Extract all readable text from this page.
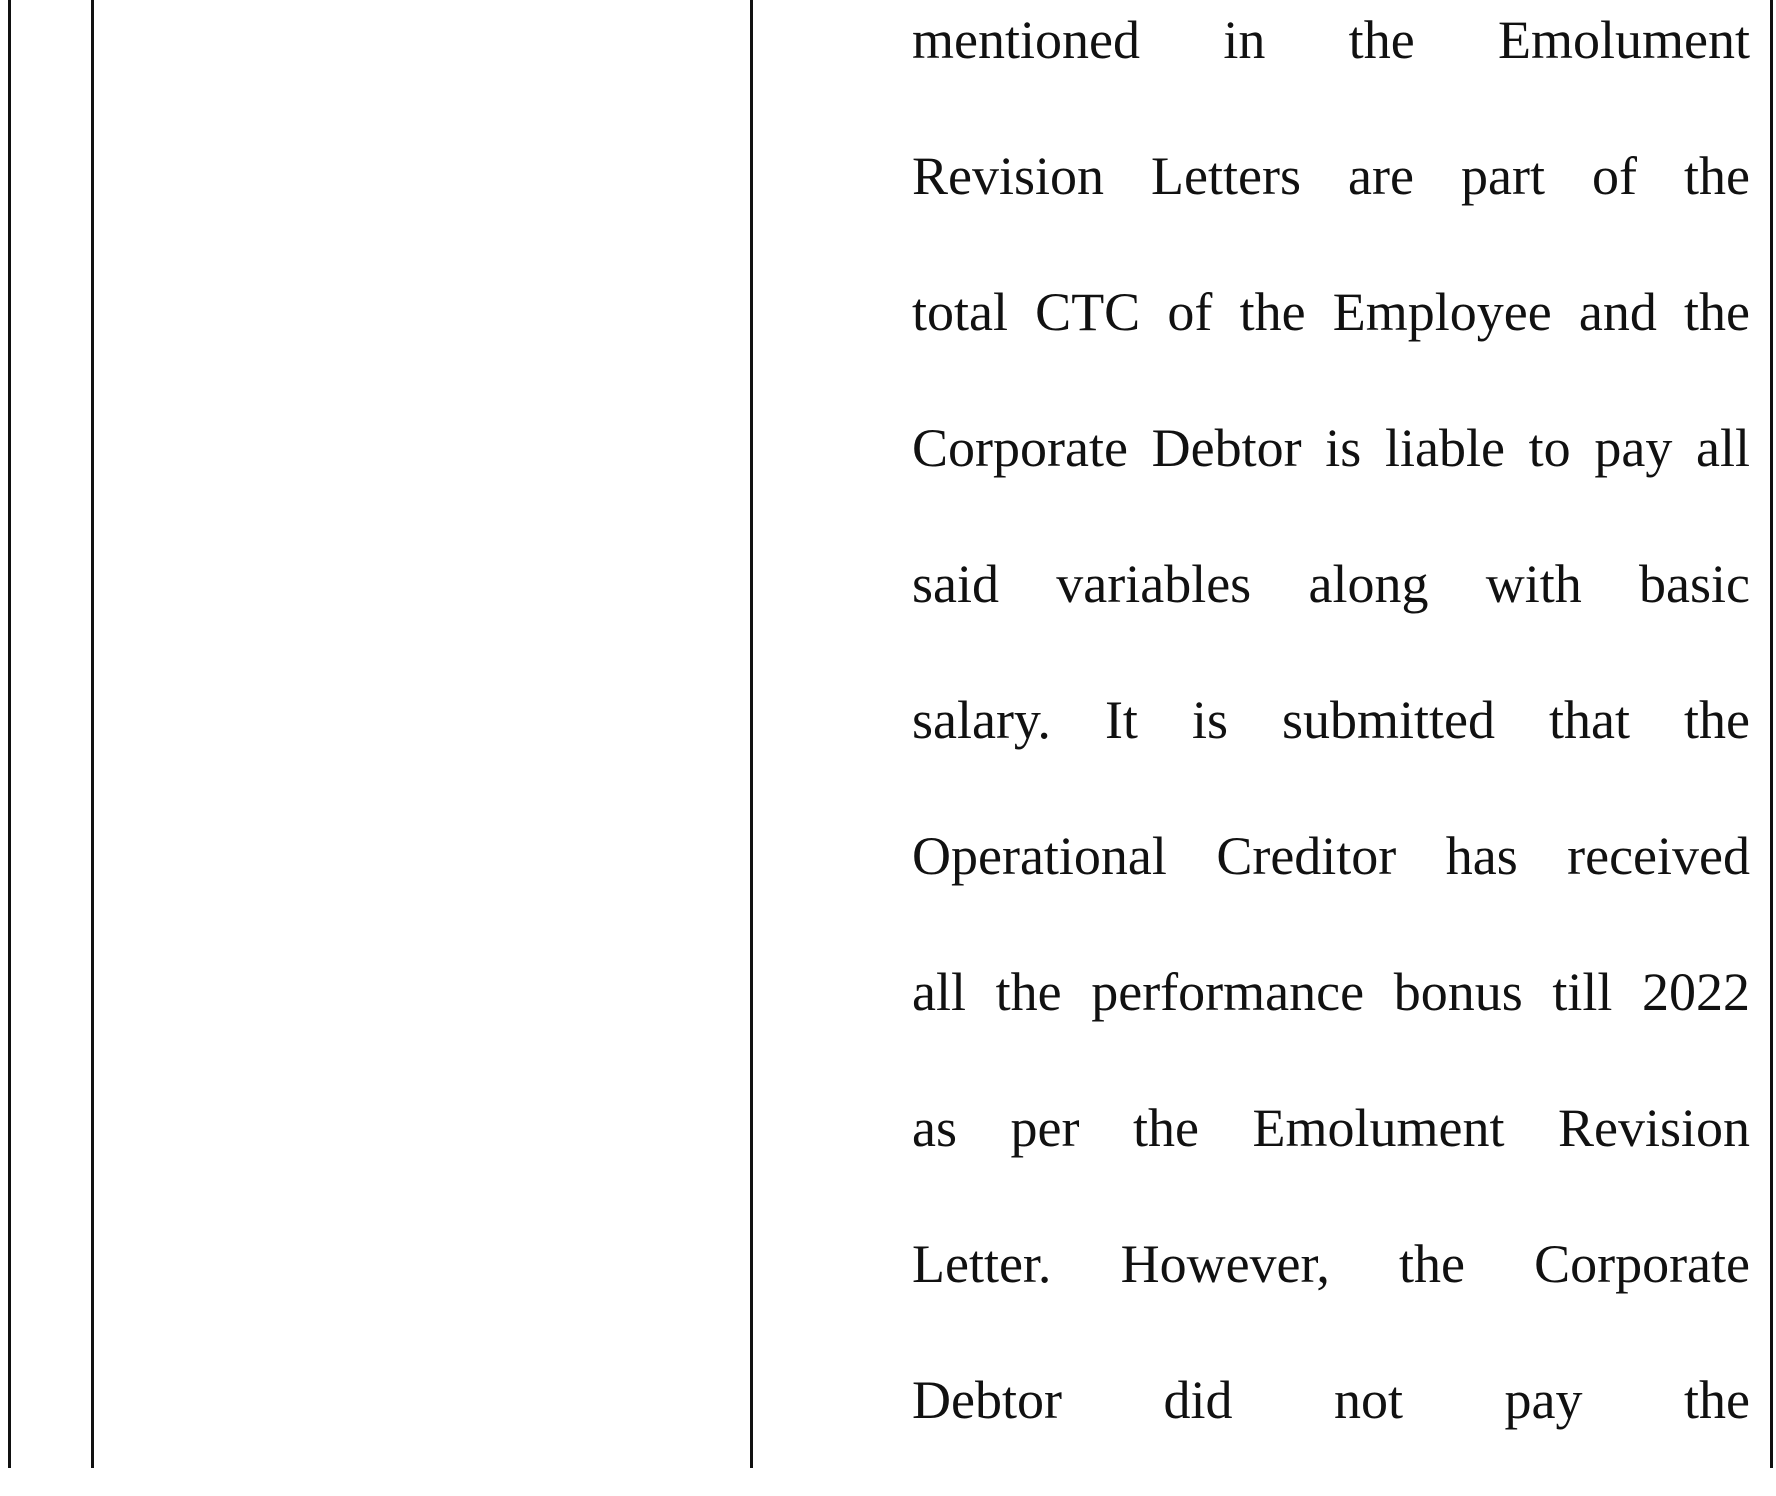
mentioned in the Emolument
Revision Letters are part of the
total CTC of the Employee and the
Corporate Debtor is liable to pay all
said variables along with basic
salary. It is submitted that the
Operational Creditor has received
all the performance bonus till 2022
as per the Emolument Revision
Letter. However, the Corporate
Debtor did not pay the
